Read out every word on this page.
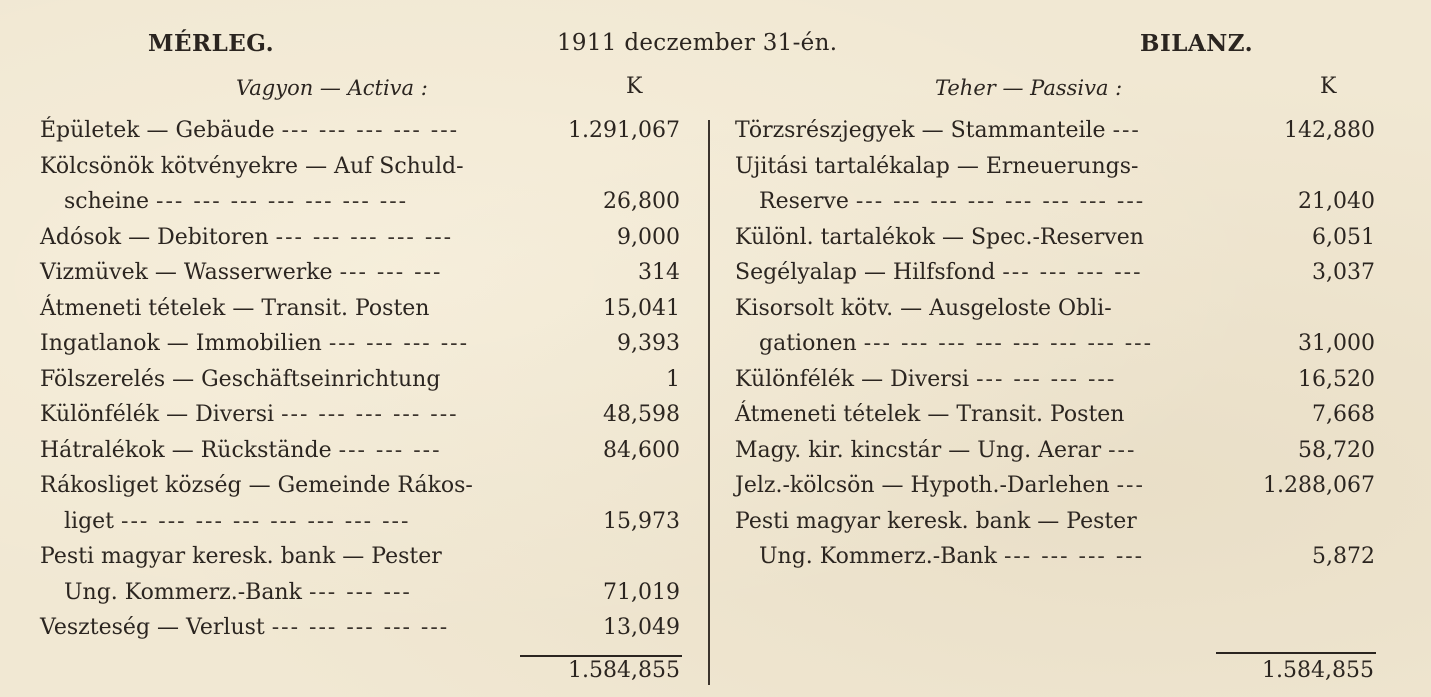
MÉRLEG.	1911 deczember 31-én.	BILANZ.
Vagyon — Activa :	K	Teher — Passiva :	K
Épületek — Gebäude --- --- --- --- ---	1.291,067
Kölcsönök kötvényekre — Auf Schuld-
scheine --- --- --- --- --- --- ---	26,800
Adósok — Debitoren --- --- --- --- ---	9,000
Vizmüvek — Wasserwerke --- --- ---	314
Átmeneti tételek — Transit. Posten	15,041
Ingatlanok — Immobilien --- --- --- ---	9,393
Fölszerelés — Geschäftseinrichtung	1
Különfélék — Diversi --- --- --- --- ---	48,598
Hátralékok — Rückstände --- --- ---	84,600
Rákosliget község — Gemeinde Rákos-
liget --- --- --- --- --- --- --- ---	15,973
Pesti magyar keresk. bank — Pester
Ung. Kommerz.-Bank --- --- ---	71,019
Veszteség — Verlust --- --- --- --- ---	13,049
Törzsrészjegyek — Stammanteile ---	142,880
Ujitási tartalékalap — Erneuerungs-
Reserve --- --- --- --- --- --- --- ---	21,040
Különl. tartalékok — Spec.-Reserven	6,051
Segélyalap — Hilfsfond --- --- --- ---	3,037
Kisorsolt kötv. — Ausgeloste Obli-
gationen --- --- --- --- --- --- --- ---	31,000
Különfélék — Diversi --- --- --- ---	16,520
Átmeneti tételek — Transit. Posten	7,668
Magy. kir. kincstár — Ung. Aerar ---	58,720
Jelz.-kölcsön — Hypoth.-Darlehen ---	1.288,067
Pesti magyar keresk. bank — Pester
Ung. Kommerz.-Bank --- --- --- ---	5,872
1.584,855	1.584,855
